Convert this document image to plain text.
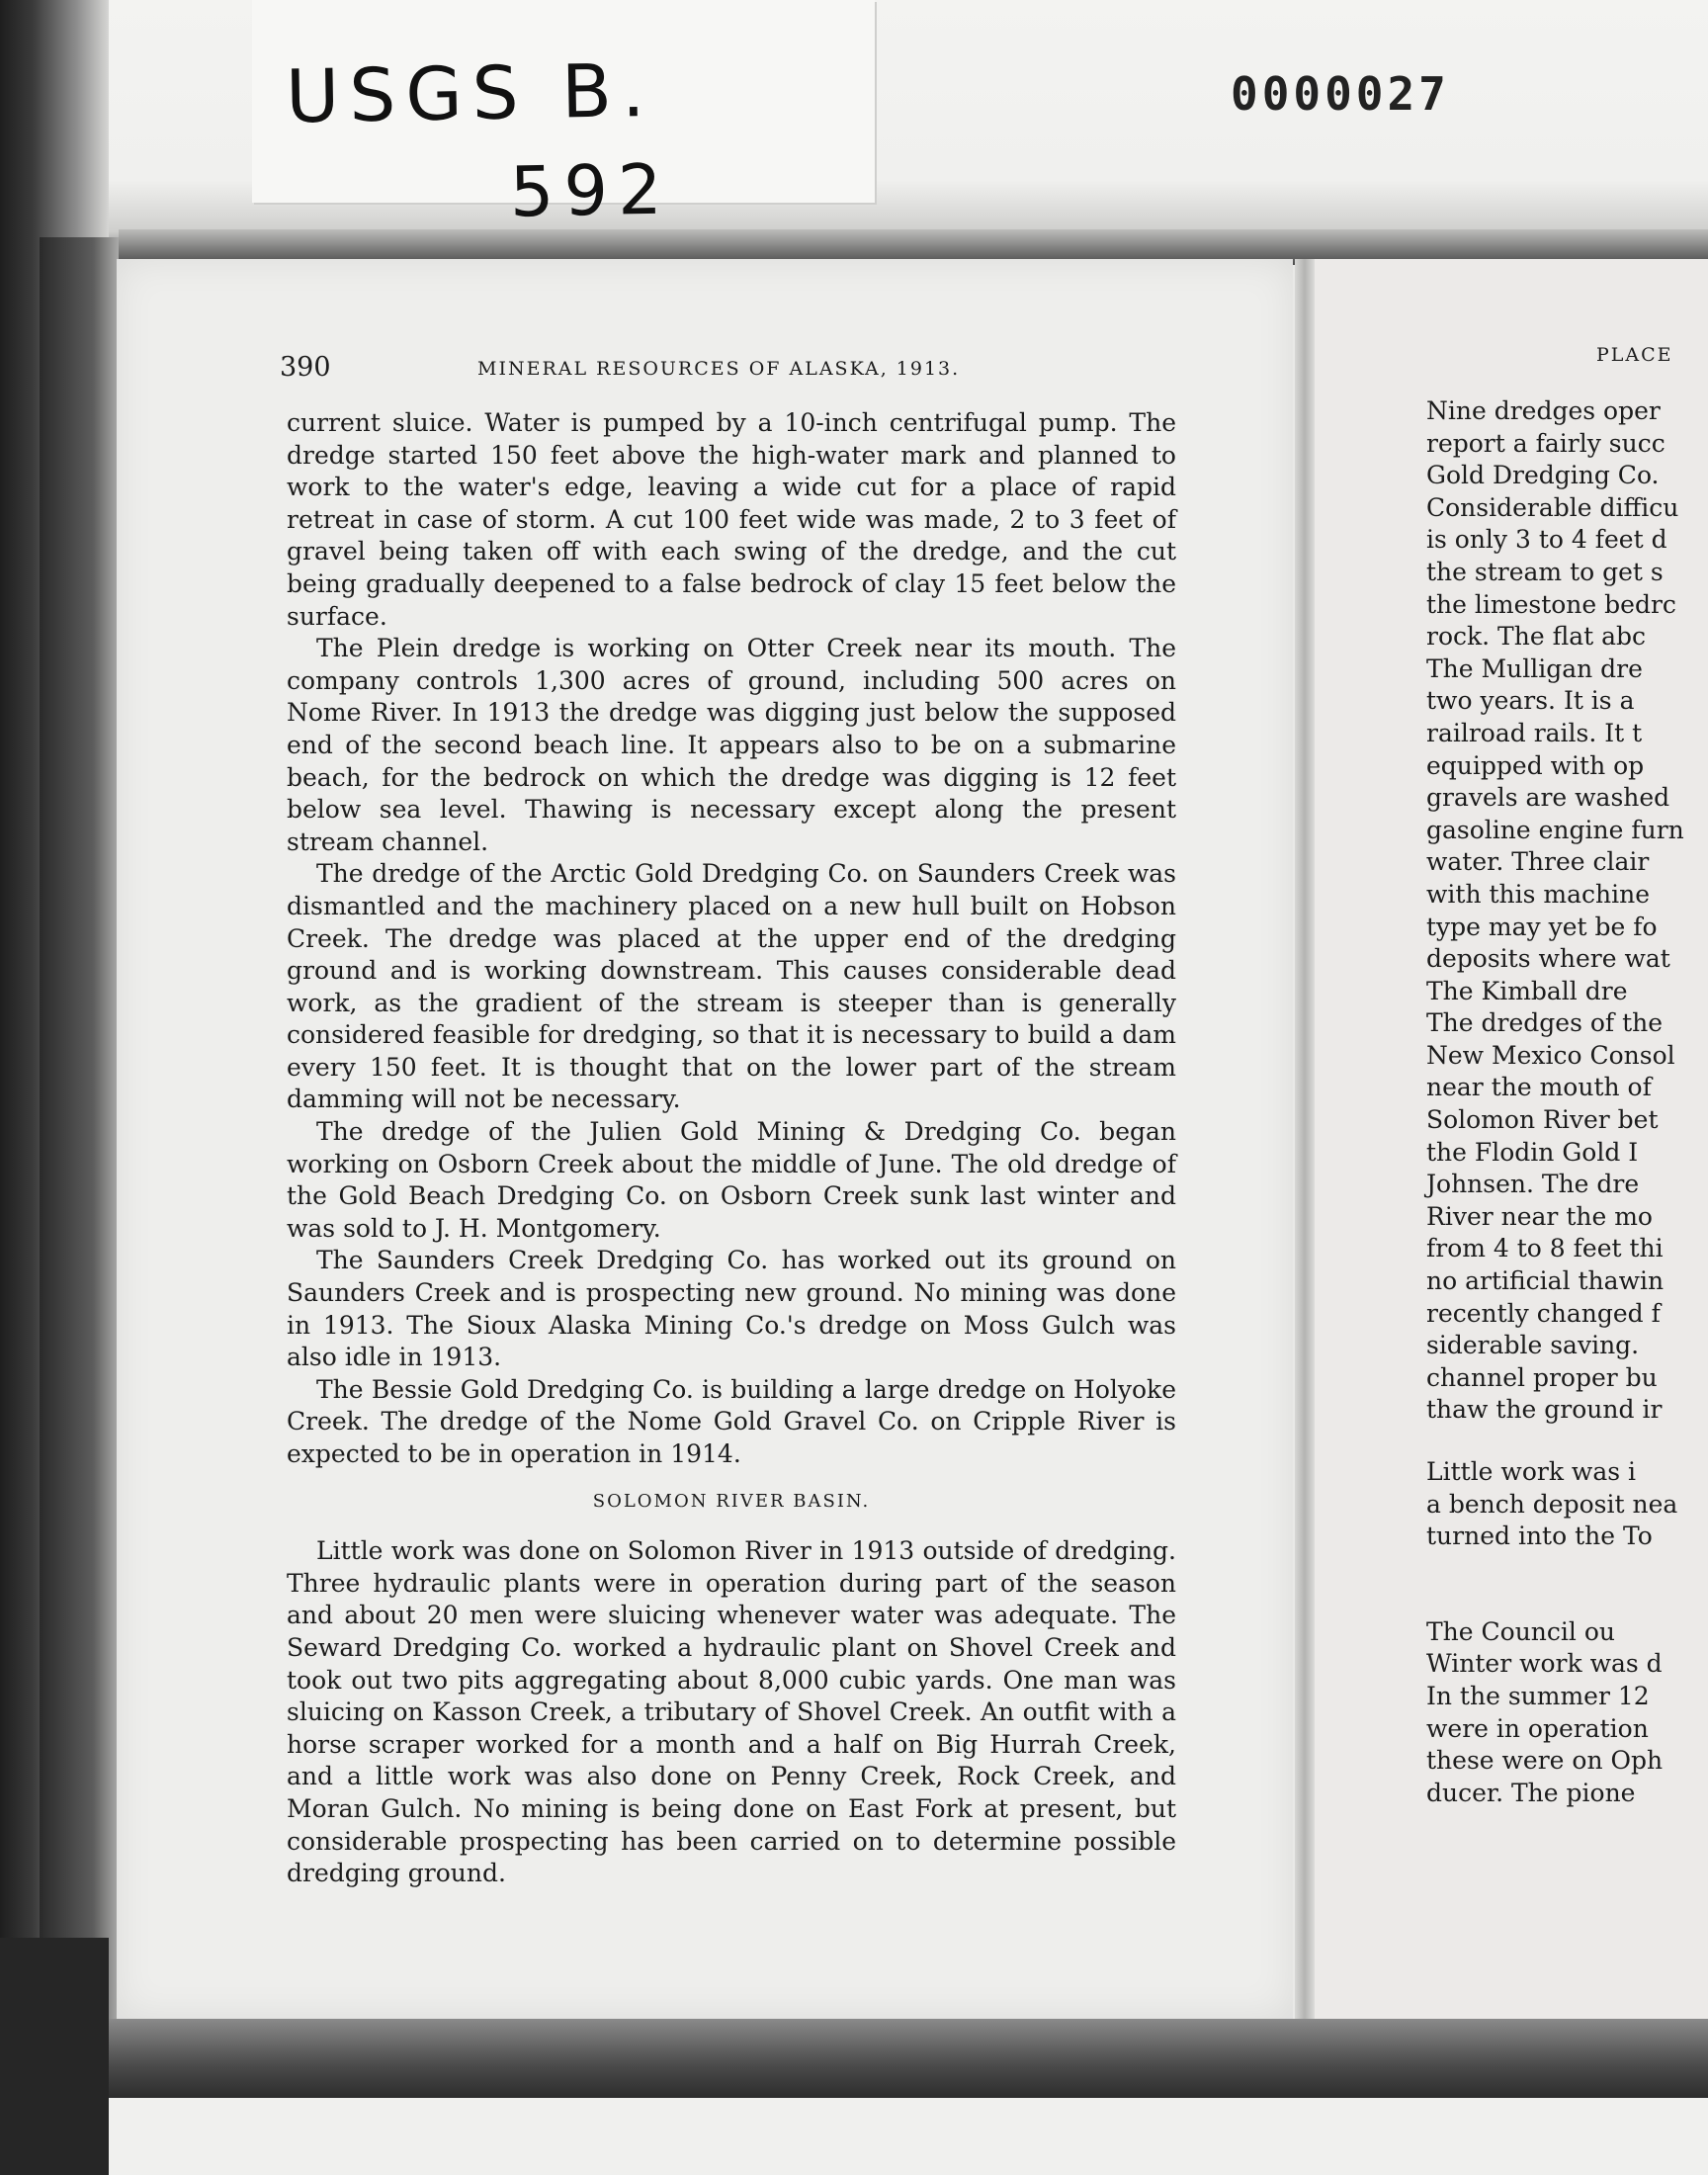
USGS B.
592
0000027
390	MINERAL RESOURCES OF ALASKA, 1913.

current sluice. Water is pumped by a 10-inch centrifugal pump. The dredge started 150 feet above the high-water mark and planned to work to the water's edge, leaving a wide cut for a place of rapid retreat in case of storm. A cut 100 feet wide was made, 2 to 3 feet of gravel being taken off with each swing of the dredge, and the cut being gradually deepened to a false bedrock of clay 15 feet below the surface.

The Plein dredge is working on Otter Creek near its mouth. The company controls 1,300 acres of ground, including 500 acres on Nome River. In 1913 the dredge was digging just below the supposed end of the second beach line. It appears also to be on a submarine beach, for the bedrock on which the dredge was digging is 12 feet below sea level. Thawing is necessary except along the present stream channel.

The dredge of the Arctic Gold Dredging Co. on Saunders Creek was dismantled and the machinery placed on a new hull built on Hobson Creek. The dredge was placed at the upper end of the dredging ground and is working downstream. This causes considerable dead work, as the gradient of the stream is steeper than is generally considered feasible for dredging, so that it is necessary to build a dam every 150 feet. It is thought that on the lower part of the stream damming will not be necessary.

The dredge of the Julien Gold Mining & Dredging Co. began working on Osborn Creek about the middle of June. The old dredge of the Gold Beach Dredging Co. on Osborn Creek sunk last winter and was sold to J. H. Montgomery.

The Saunders Creek Dredging Co. has worked out its ground on Saunders Creek and is prospecting new ground. No mining was done in 1913. The Sioux Alaska Mining Co.'s dredge on Moss Gulch was also idle in 1913.

The Bessie Gold Dredging Co. is building a large dredge on Holyoke Creek. The dredge of the Nome Gold Gravel Co. on Cripple River is expected to be in operation in 1914.

SOLOMON RIVER BASIN.

Little work was done on Solomon River in 1913 outside of dredging. Three hydraulic plants were in operation during part of the season and about 20 men were sluicing whenever water was adequate. The Seward Dredging Co. worked a hydraulic plant on Shovel Creek and took out two pits aggregating about 8,000 cubic yards. One man was sluicing on Kasson Creek, a tributary of Shovel Creek. An outfit with a horse scraper worked for a month and a half on Big Hurrah Creek, and a little work was also done on Penny Creek, Rock Creek, and Moran Gulch. No mining is being done on East Fork at present, but considerable prospecting has been carried on to determine possible dredging ground.

PLACE
Nine dredges oper
report a fairly succ
Gold Dredging Co.
Considerable difficu
is only 3 to 4 feet d
the stream to get s
the limestone bedrc
rock. The flat abc
The Mulligan dre
two years. It is a
railroad rails. It t
equipped with op
gravels are washed
gasoline engine furn
water. Three clair
with this machine
type may yet be fo
deposits where wat
The Kimball dre
The dredges of the
New Mexico Consol
near the mouth of
Solomon River bet
the Flodin Gold I
Johnsen. The dre
River near the mo
from 4 to 8 feet thi
no artificial thawin
recently changed f
siderable saving.
channel proper bu
thaw the ground ir
Little work was i
a bench deposit nea
turned into the To
The Council ou
Winter work was d
In the summer 12
were in operation
these were on Oph
ducer. The pione
